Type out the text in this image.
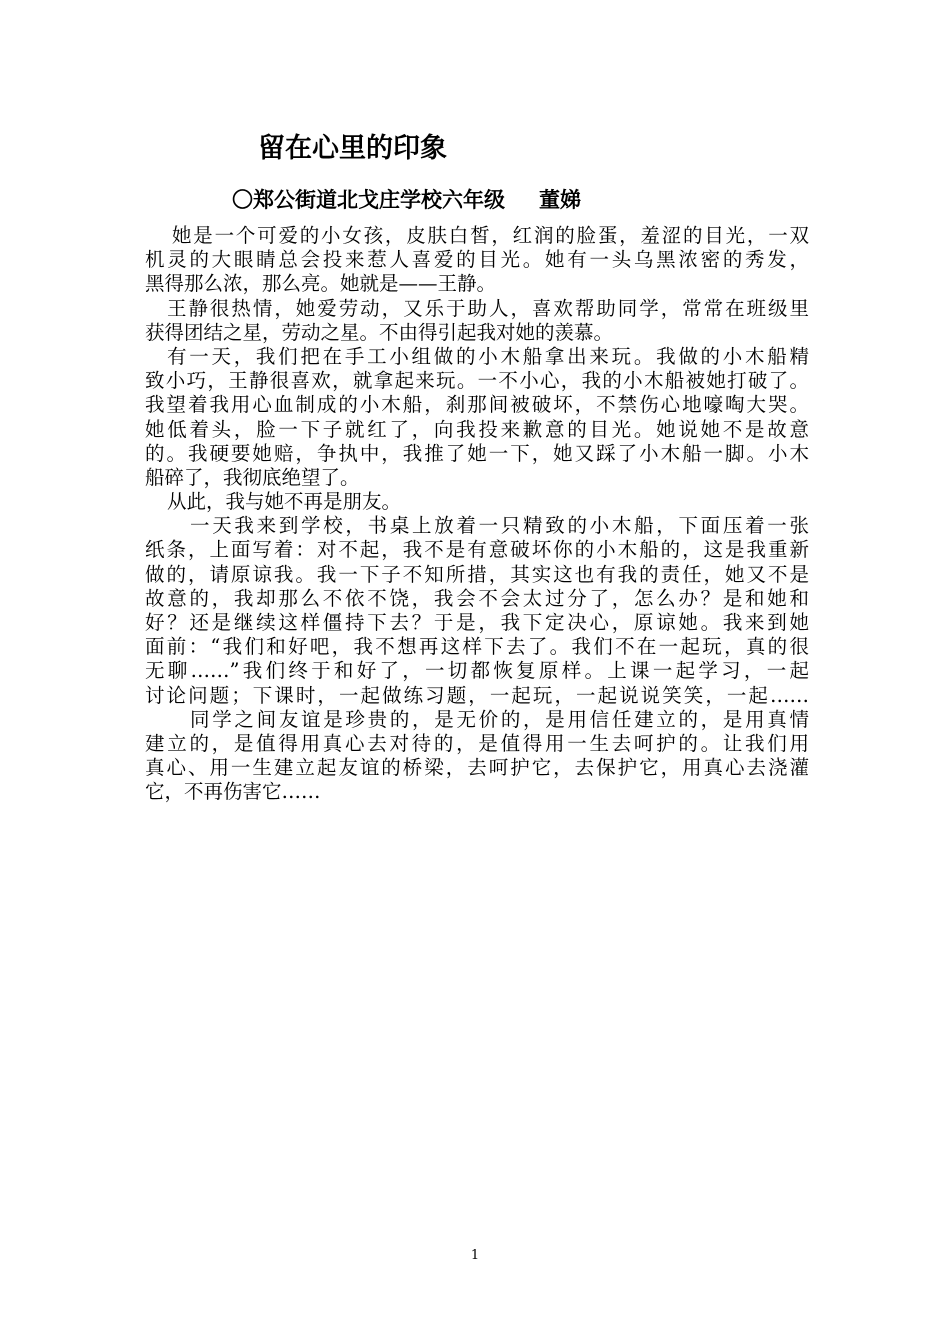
留在心里的印象
〇郑公街道北戈庄学校六年级 董娣
她是一个可爱的小女孩，皮肤白皙，红润的脸蛋，羞涩的目光，一双
机灵的大眼睛总会投来惹人喜爱的目光。她有一头乌黑浓密的秀发，
黑得那么浓，那么亮。她就是——王静。
王静很热情，她爱劳动，又乐于助人，喜欢帮助同学，常常在班级里
获得团结之星，劳动之星。不由得引起我对她的羡慕。
有一天，我们把在手工小组做的小木船拿出来玩。我做的小木船精
致小巧，王静很喜欢，就拿起来玩。一不小心，我的小木船被她打破了。
我望着我用心血制成的小木船，刹那间被破坏，不禁伤心地嚎啕大哭。
她低着头，脸一下子就红了，向我投来歉意的目光。她说她不是故意
的。我硬要她赔，争执中，我推了她一下，她又踩了小木船一脚。小木
船碎了，我彻底绝望了。
从此，我与她不再是朋友。
一天我来到学校，书桌上放着一只精致的小木船，下面压着一张
纸条，上面写着：对不起，我不是有意破坏你的小木船的，这是我重新
做的，请原谅我。我一下子不知所措，其实这也有我的责任，她又不是
故意的，我却那么不依不饶，我会不会太过分了，怎么办？是和她和
好？还是继续这样僵持下去？于是，我下定决心，原谅她。我来到她
面前：“我们和好吧，我不想再这样下去了。我们不在一起玩，真的很
无聊……”我们终于和好了，一切都恢复原样。上课一起学习，一起
讨论问题；下课时，一起做练习题，一起玩，一起说说笑笑，一起……
同学之间友谊是珍贵的，是无价的，是用信任建立的，是用真情
建立的，是值得用真心去对待的，是值得用一生去呵护的。让我们用
真心、用一生建立起友谊的桥梁，去呵护它，去保护它，用真心去浇灌
它，不再伤害它……
1
